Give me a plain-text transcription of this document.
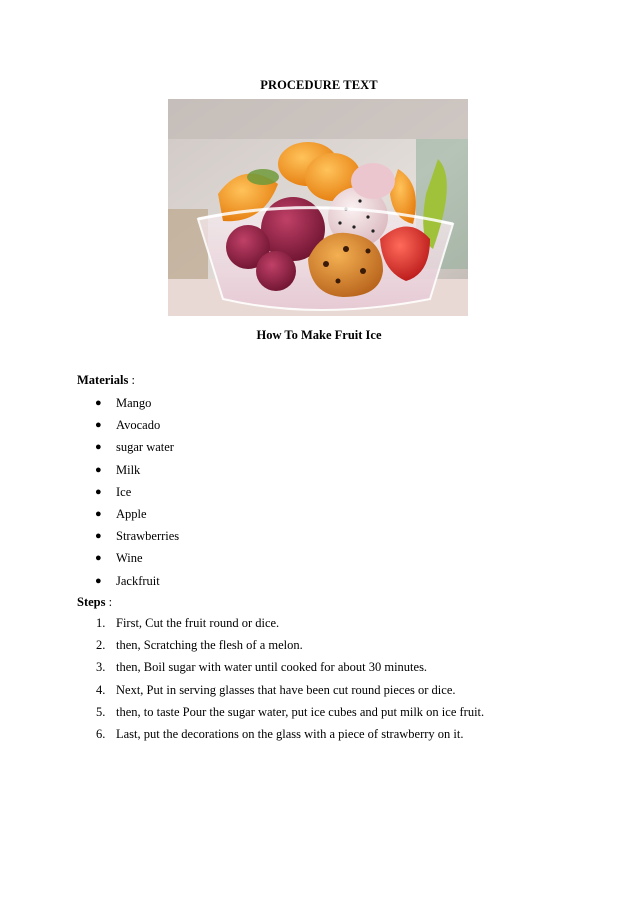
PROCEDURE TEXT
How To Make Fruit Ice
Materials :
● Mango
● Avocado
● sugar water
● Milk
● Ice
● Apple
● Strawberries
● Wine
● Jackfruit
Steps :
1. First, Cut the fruit round or dice.
2. then, Scratching the flesh of a melon.
3. then, Boil sugar with water until cooked for about 30 minutes.
4. Next, Put in serving glasses that have been cut round pieces or dice.
5. then, to taste Pour the sugar water, put ice cubes and put milk on ice fruit.
6. Last, put the decorations on the glass with a piece of strawberry on it.
